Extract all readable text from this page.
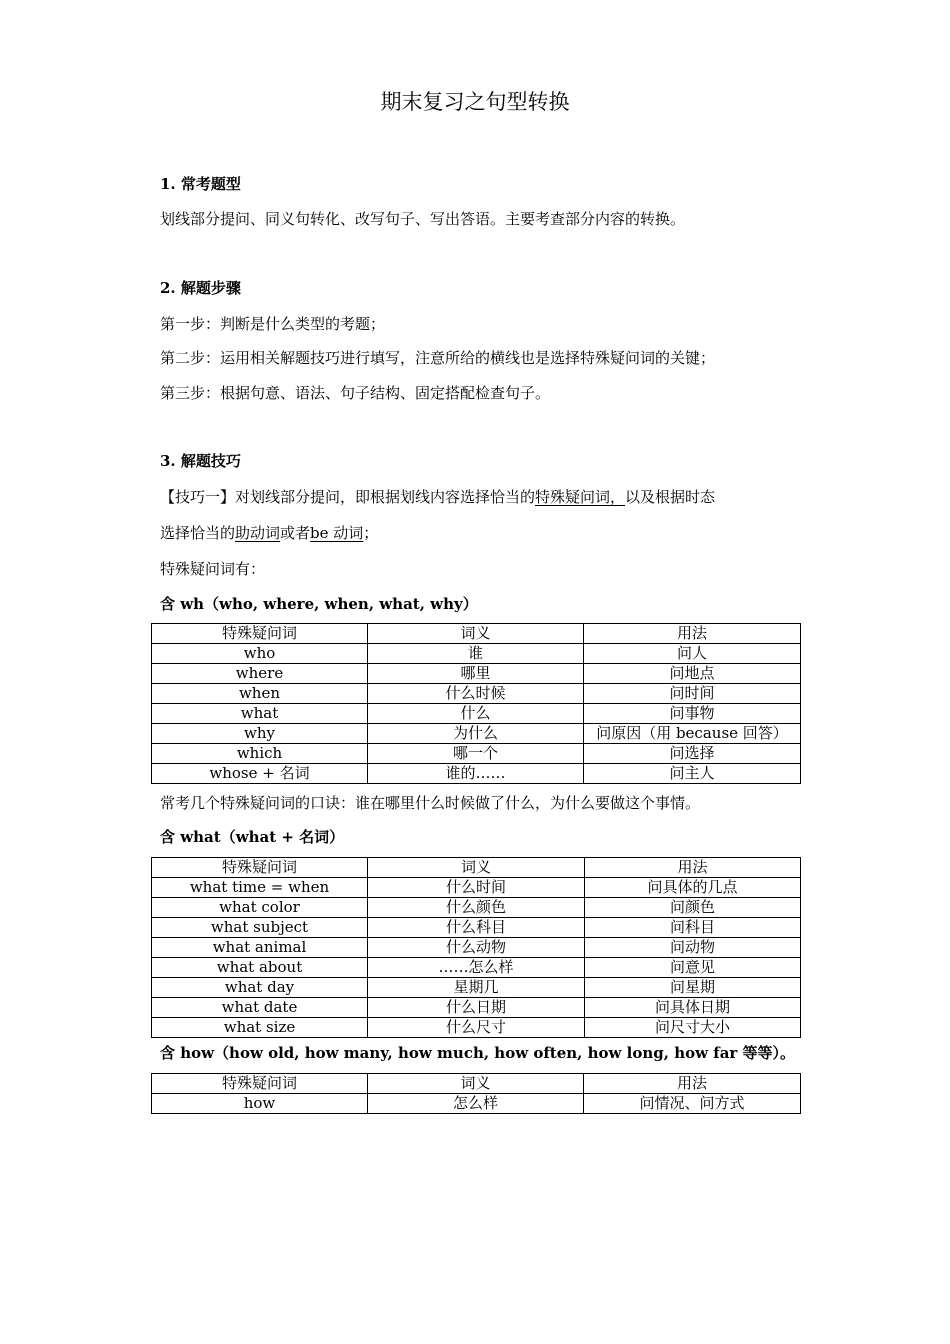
期末复习之句型转换
1. 常考题型
划线部分提问、同义句转化、改写句子、写出答语。主要考查部分内容的转换。
2. 解题步骤
第一步：判断是什么类型的考题；
第二步：运用相关解题技巧进行填写，注意所给的横线也是选择特殊疑问词的关键；
第三步：根据句意、语法、句子结构、固定搭配检查句子。
3. 解题技巧
【技巧一】对划线部分提问，即根据划线内容选择恰当的特殊疑问词，以及根据时态
选择恰当的助动词或者be 动词；
特殊疑问词有：
含 wh（who, where, when, what, why）
特殊疑问词	词义	用法
who	谁	问人
where	哪里	问地点
when	什么时候	问时间
what	什么	问事物
why	为什么	问原因（用 because 回答）
which	哪一个	问选择
whose + 名词	谁的……	问主人
常考几个特殊疑问词的口诀：谁在哪里什么时候做了什么，为什么要做这个事情。
含 what（what + 名词）
特殊疑问词	词义	用法
what time = when	什么时间	问具体的几点
what color	什么颜色	问颜色
what subject	什么科目	问科目
what animal	什么动物	问动物
what about	……怎么样	问意见
what day	星期几	问星期
what date	什么日期	问具体日期
what size	什么尺寸	问尺寸大小
含 how（how old, how many, how much, how often, how long, how far 等等）。
特殊疑问词	词义	用法
how	怎么样	问情况、问方式
